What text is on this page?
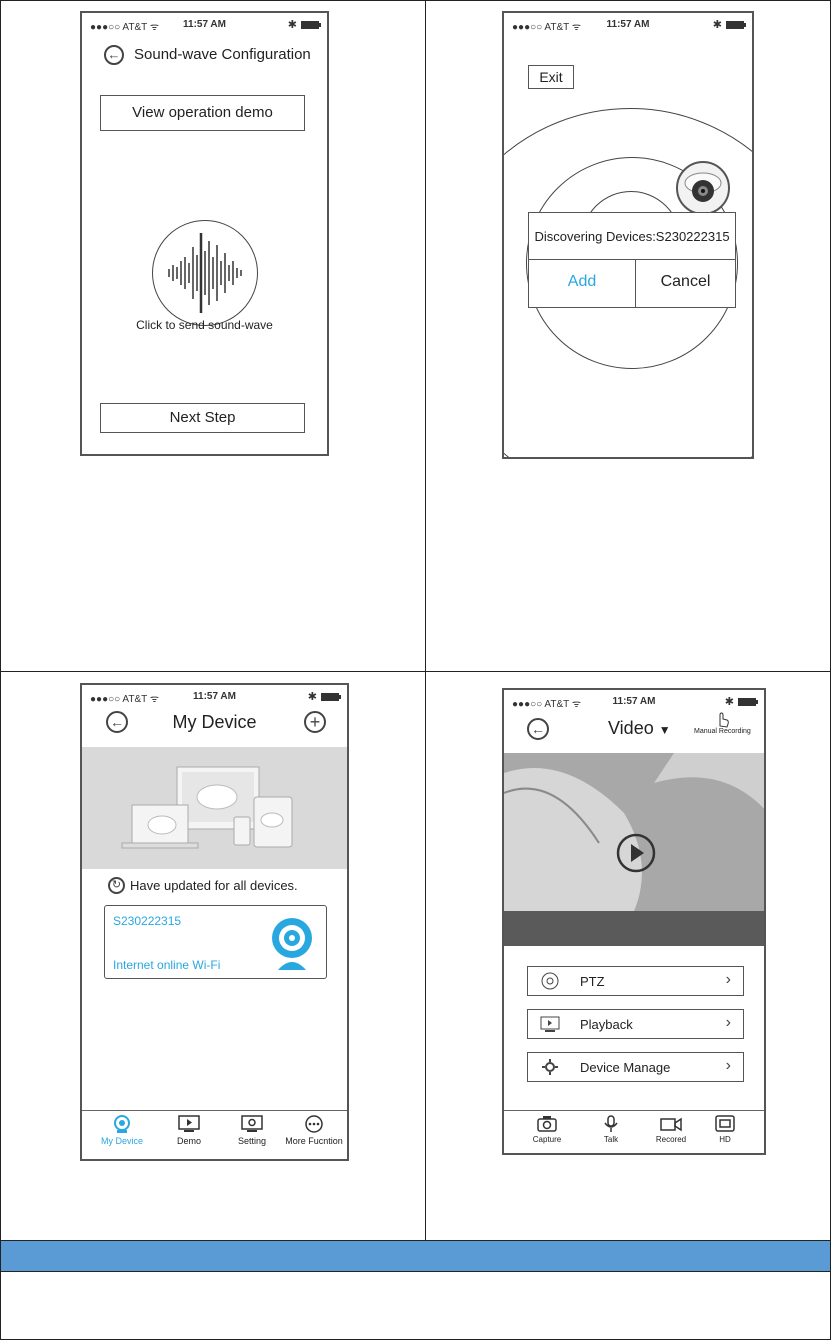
●●●○○ AT&T ᯤ	11:57 AM	✱
← Sound-wave Configuration
View operation demo
Click to send sound-wave
Next Step
●●●○○ AT&T ᯤ	11:57 AM	✱
Exit
Discovering Devices:S230222315
Add	Cancel
●●●○○ AT&T ᯤ	11:57 AM	✱
←	My Device	+
↻ Have updated for all devices.
S230222315
Internet online Wi-Fi
My Device	Demo	Setting	More Fucntion
●●●○○ AT&T ᯤ	11:57 AM	✱
←	Video ▼	Manual Recording
PTZ	›
Playback	›
Device Manage	›
Capture	Talk	Recored	HD
